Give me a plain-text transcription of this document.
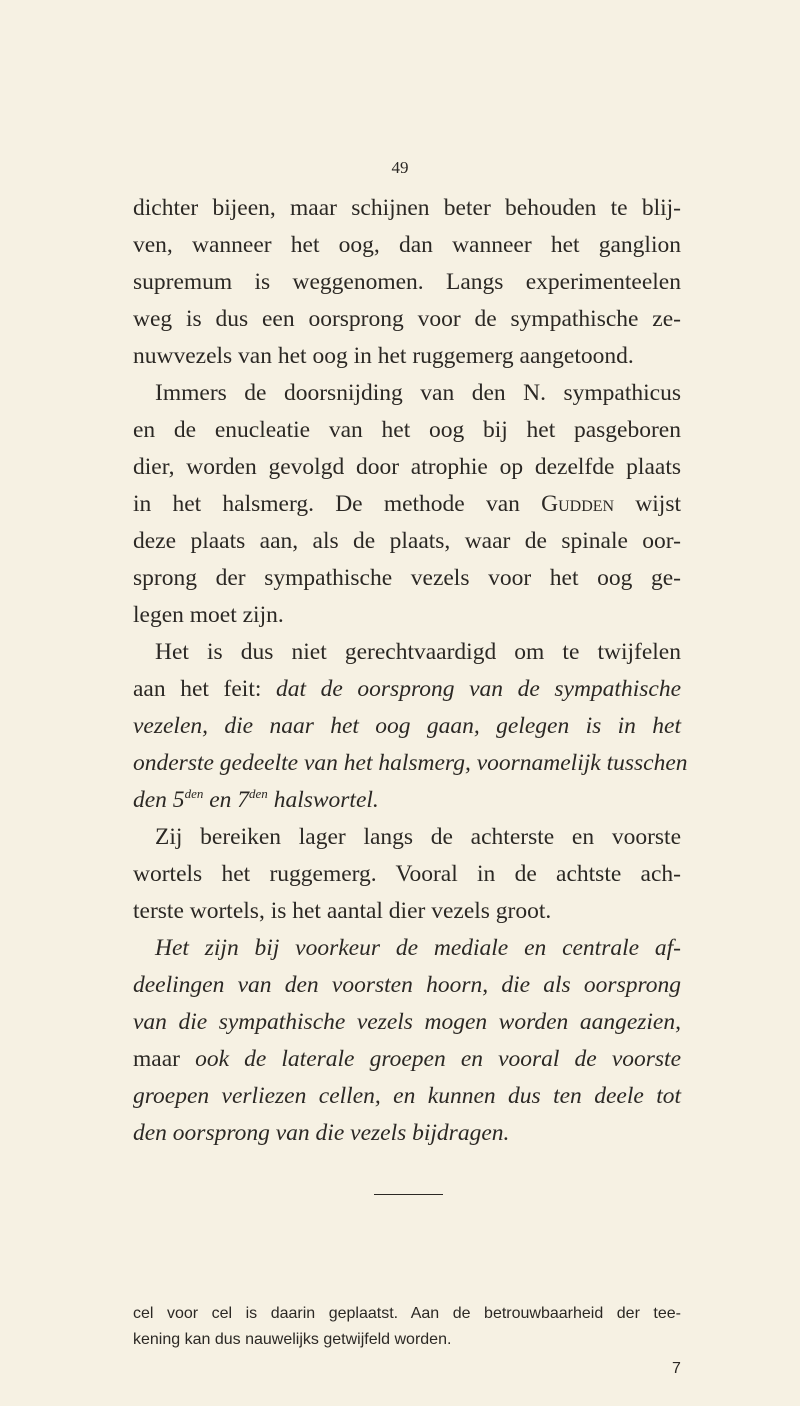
49
dichter bijeen, maar schijnen beter behouden te blij-
ven, wanneer het oog, dan wanneer het ganglion
supremum is weggenomen. Langs experimenteelen
weg is dus een oorsprong voor de sympathische ze-
nuwvezels van het oog in het ruggemerg aangetoond.
Immers de doorsnijding van den N. sympathicus
en de enucleatie van het oog bij het pasgeboren
dier, worden gevolgd door atrophie op dezelfde plaats
in het halsmerg. De methode van Gudden wijst
deze plaats aan, als de plaats, waar de spinale oor-
sprong der sympathische vezels voor het oog ge-
legen moet zijn.
Het is dus niet gerechtvaardigd om te twijfelen
aan het feit: dat de oorsprong van de sympathische
vezelen, die naar het oog gaan, gelegen is in het
onderste gedeelte van het halsmerg, voornamelijk tusschen
den $5^{den}$ en $7^{den}$ halswortel.
Zij bereiken lager langs de achterste en voorste
wortels het ruggemerg. Vooral in de achtste ach-
terste wortels, is het aantal dier vezels groot.
Het zijn bij voorkeur de mediale en centrale af-
deelingen van den voorsten hoorn, die als oorsprong
van die sympathische vezels mogen worden aangezien,
maar ook de laterale groepen en vooral de voorste
groepen verliezen cellen, en kunnen dus ten deele tot
den oorsprong van die vezels bijdragen.
cel voor cel is daarin geplaatst. Aan de betrouwbaarheid der tee-
kening kan dus nauwelijks getwijfeld worden.
7
